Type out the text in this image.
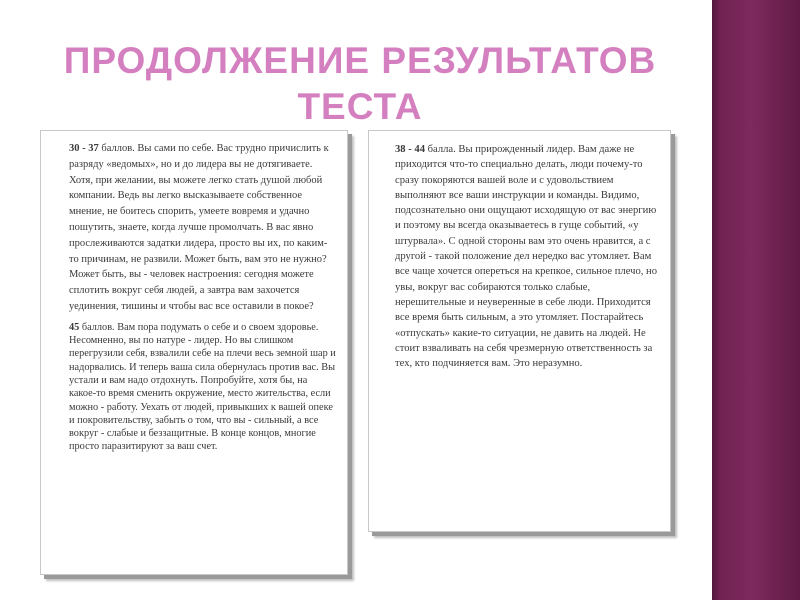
ПРОДОЛЖЕНИЕ РЕЗУЛЬТАТОВ ТЕСТА

30 - 37 баллов. Вы сами по себе. Вас трудно причислить к разряду «ведомых», но и до лидера вы не дотягиваете. Хотя, при желании, вы можете легко стать душой любой компании. Ведь вы легко высказываете собственное мнение, не боитесь спорить, умеете вовремя и удачно пошутить, знаете, когда лучше промолчать. В вас явно прослеживаются задатки лидера, просто вы их, по каким-то причинам, не развили. Может быть, вам это не нужно? Может быть, вы - человек настроения: сегодня можете сплотить вокруг себя людей, а завтра вам захочется уединения, тишины и чтобы вас все оставили в покое?

45 баллов. Вам пора подумать о себе и о своем здоровье. Несомненно, вы по натуре - лидер. Но вы слишком перегрузили себя, взвалили себе на плечи весь земной шар и надорвались. И теперь ваша сила обернулась против вас. Вы устали и вам надо отдохнуть. Попробуйте, хотя бы, на какое-то время сменить окружение, место жительства, если можно - работу. Уехать от людей, привыкших к вашей опеке и покровительству, забыть о том, что вы - сильный, а все вокруг - слабые и беззащитные. В конце концов, многие просто паразитируют за ваш счет.

38 - 44 балла. Вы прирожденный лидер. Вам даже не приходится что-то специально делать, люди почему-то сразу покоряются вашей воле и с удовольствием выполняют все ваши инструкции и команды. Видимо, подсознательно они ощущают исходящую от вас энергию и поэтому вы всегда оказываетесь в гуще событий, «у штурвала». С одной стороны вам это очень нравится, а с другой - такой положение дел нередко вас утомляет. Вам все чаще хочется опереться на крепкое, сильное плечо, но увы, вокруг вас собираются только слабые, нерешительные и неуверенные в себе люди. Приходится все время быть сильным, а это утомляет. Постарайтесь «отпускать» какие-то ситуации, не давить на людей. Не стоит взваливать на себя чрезмерную ответственность за тех, кто подчиняется вам. Это неразумно.
